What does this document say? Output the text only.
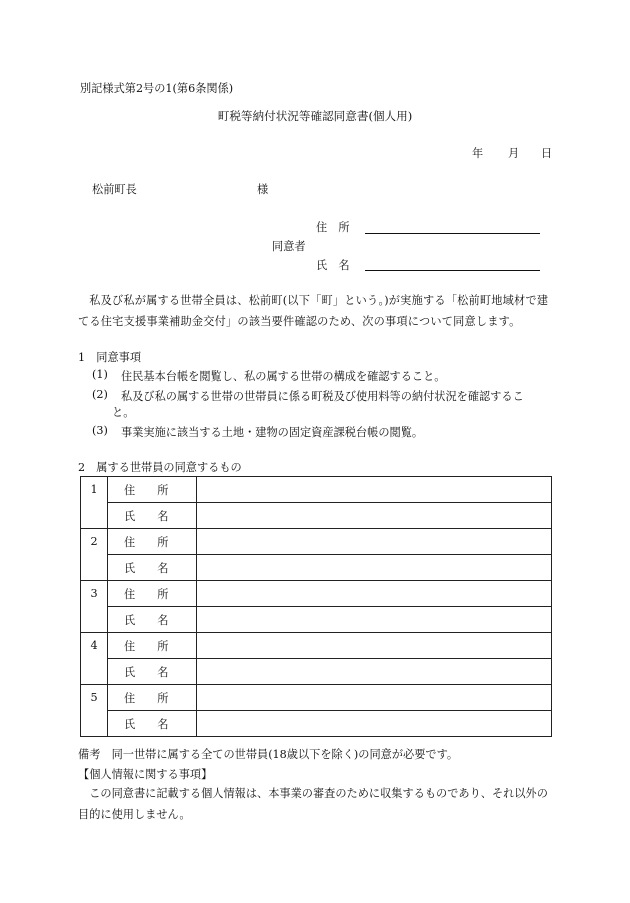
別記様式第2号の1(第6条関係)
町税等納付状況等確認同意書(個人用)
年 月 日
松前町長	様
住　所
同意者
氏　名
私及び私が属する世帯全員は、松前町(以下「町」という。)が実施する「松前町地域材で建てる住宅支援事業補助金交付」の該当要件確認のため、次の事項について同意します。
1　同意事項
(1) 住民基本台帳を閲覧し、私の属する世帯の構成を確認すること。
(2) 私及び私の属する世帯の世帯員に係る町税及び使用料等の納付状況を確認するこ
と。
(3) 事業実施に該当する土地・建物の固定資産課税台帳の閲覧。
2　属する世帯員の同意するもの
1	住 所	
	氏 名	
2	住 所	
	氏 名	
3	住 所	
	氏 名	
4	住 所	
	氏 名	
5	住 所	
	氏 名	
備考　同一世帯に属する全ての世帯員(18歳以下を除く)の同意が必要です。
【個人情報に関する事項】
この同意書に記載する個人情報は、本事業の審査のために収集するものであり、それ以外の目的に使用しません。
